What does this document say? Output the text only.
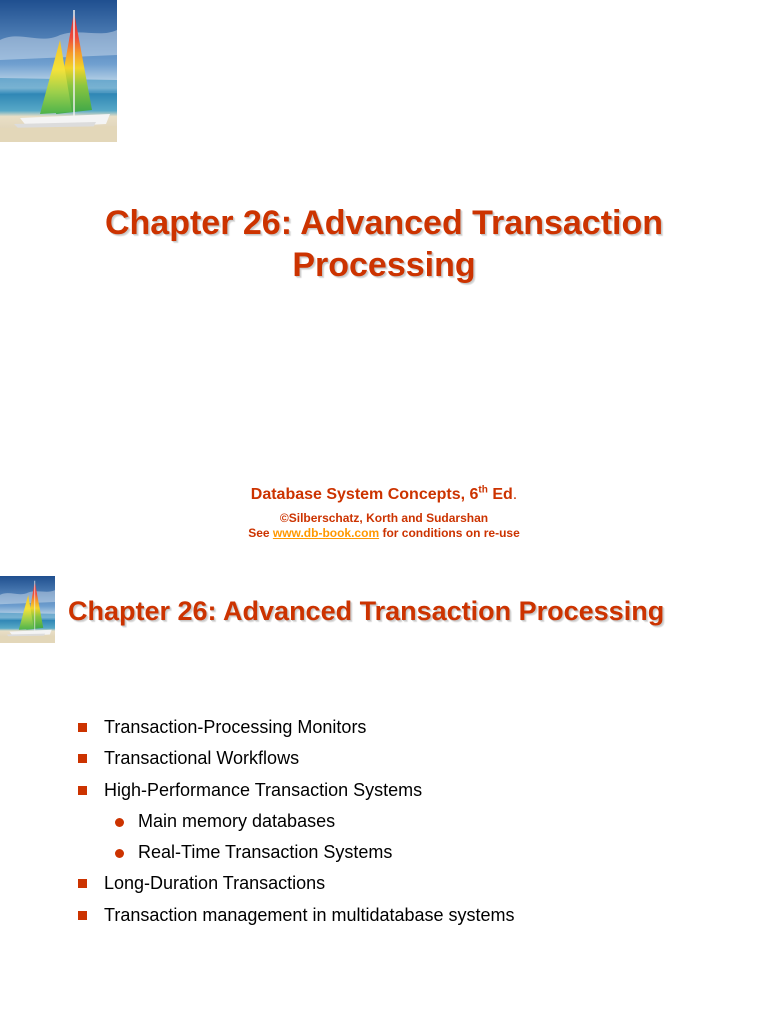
Chapter 26: Advanced Transaction
Processing
Database System Concepts, 6th Ed.
©Silberschatz, Korth and Sudarshan
See www.db-book.com for conditions on re-use
Chapter 26: Advanced Transaction Processing
Transaction-Processing Monitors
Transactional Workflows
High-Performance Transaction Systems
Main memory databases
Real-Time Transaction Systems
Long-Duration Transactions
Transaction management in multidatabase systems
